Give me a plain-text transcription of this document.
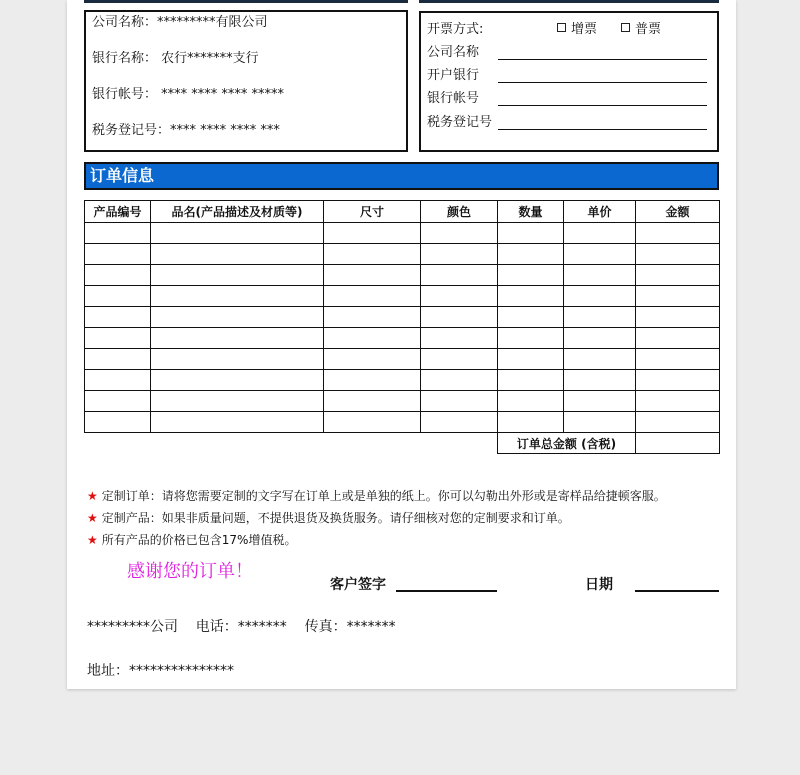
公司名称：*********有限公司
银行名称： 农行*******支行
银行帐号： **** **** **** *****
税务登记号：**** **** **** ***
开票方式:	增票	普票
公司名称
开户银行
银行帐号
税务登记号
订单信息
产品编号	品名(产品描述及材质等)	尺寸	颜色	数量	单价	金额

				订单总金额 (含税)		
★ 定制订单：请将您需要定制的文字写在订单上或是单独的纸上。你可以勾勒出外形或是寄样品给捷顿客服。
★ 定制产品：如果非质量问题，不提供退货及换货服务。请仔细核对您的定制要求和订单。
★ 所有产品的价格已包含17%增值税。
感谢您的订单！
客户签字	日期
*********公司    电话：*******    传真：*******
地址：***************
